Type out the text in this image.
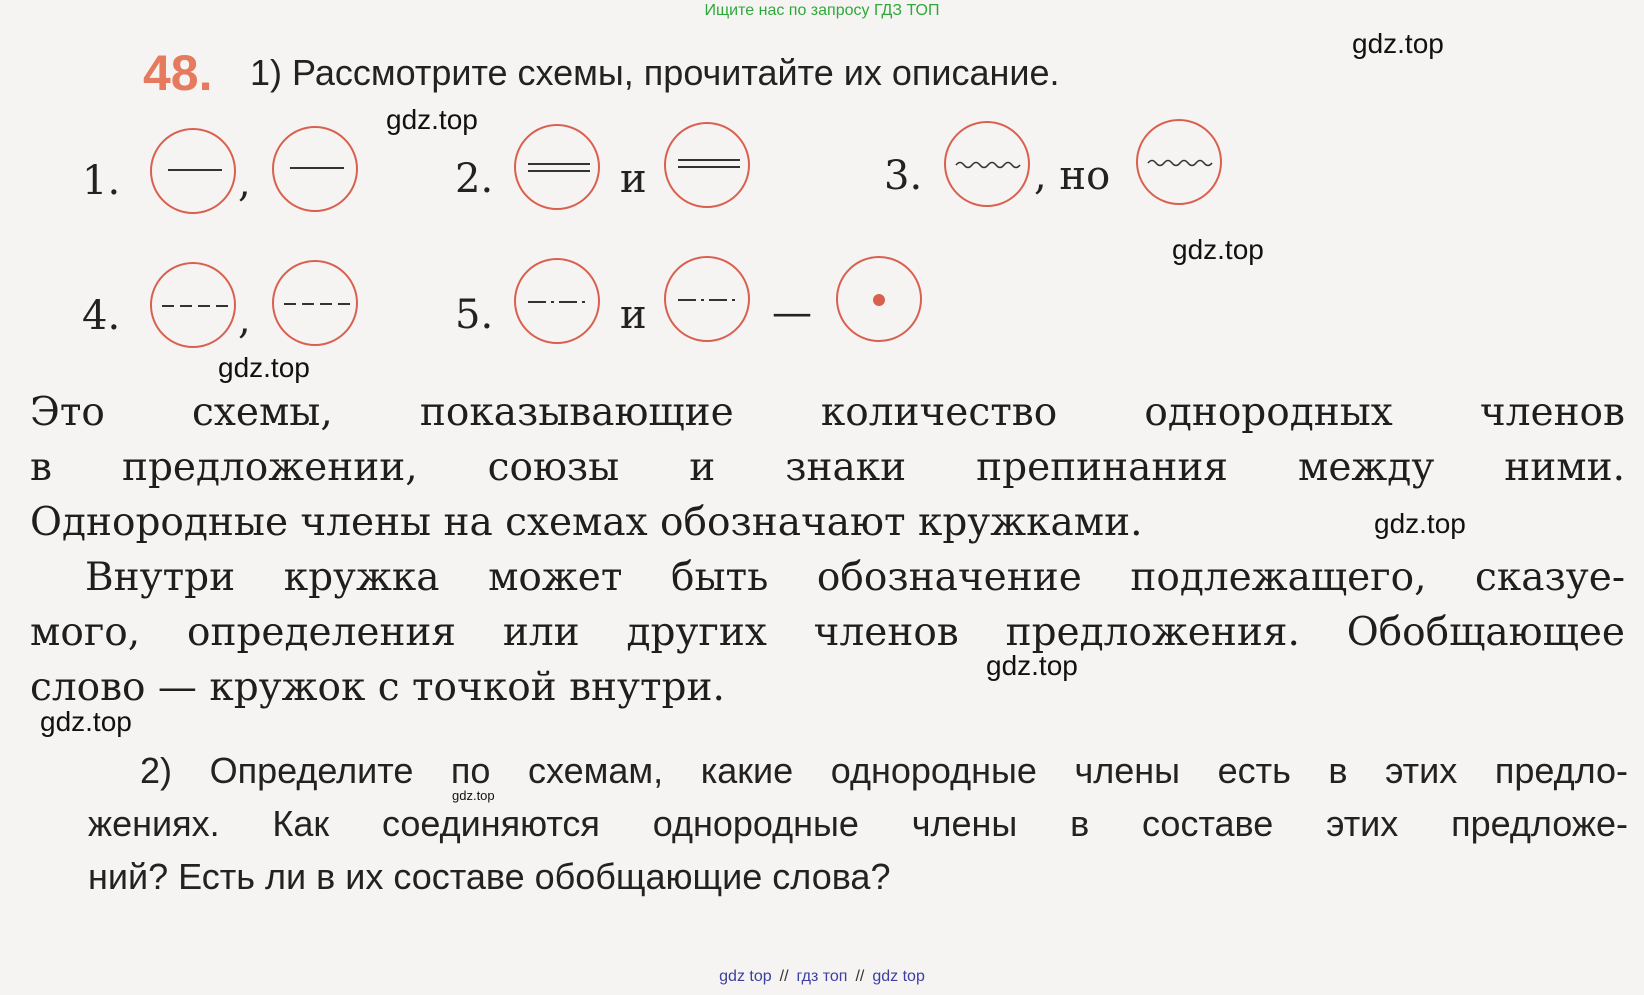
Ищите нас по запросу ГДЗ ТОП
48. 1) Рассмотрите схемы, прочитайте их описание.
1.	,	2.	и	3.	, но
4.	,	5.	и	—
Это схемы, показывающие количество однородных членов
в предложении, союзы и знаки препинания между ними.
Однородные члены на схемах обозначают кружками.
Внутри кружка может быть обозначение подлежащего, сказуе-
мого, определения или других членов предложения. Обобщающее
слово — кружок с точкой внутри.
2) Определите по схемам, какие однородные члены есть в этих предло-
жениях. Как соединяются однородные члены в составе этих предложе-
ний? Есть ли в их составе обобщающие слова?
gdz.top
gdz.top
gdz.top
gdz.top
gdz.top
gdz.top
gdz.top
gdz.top
gdz top // гдз топ // gdz top
